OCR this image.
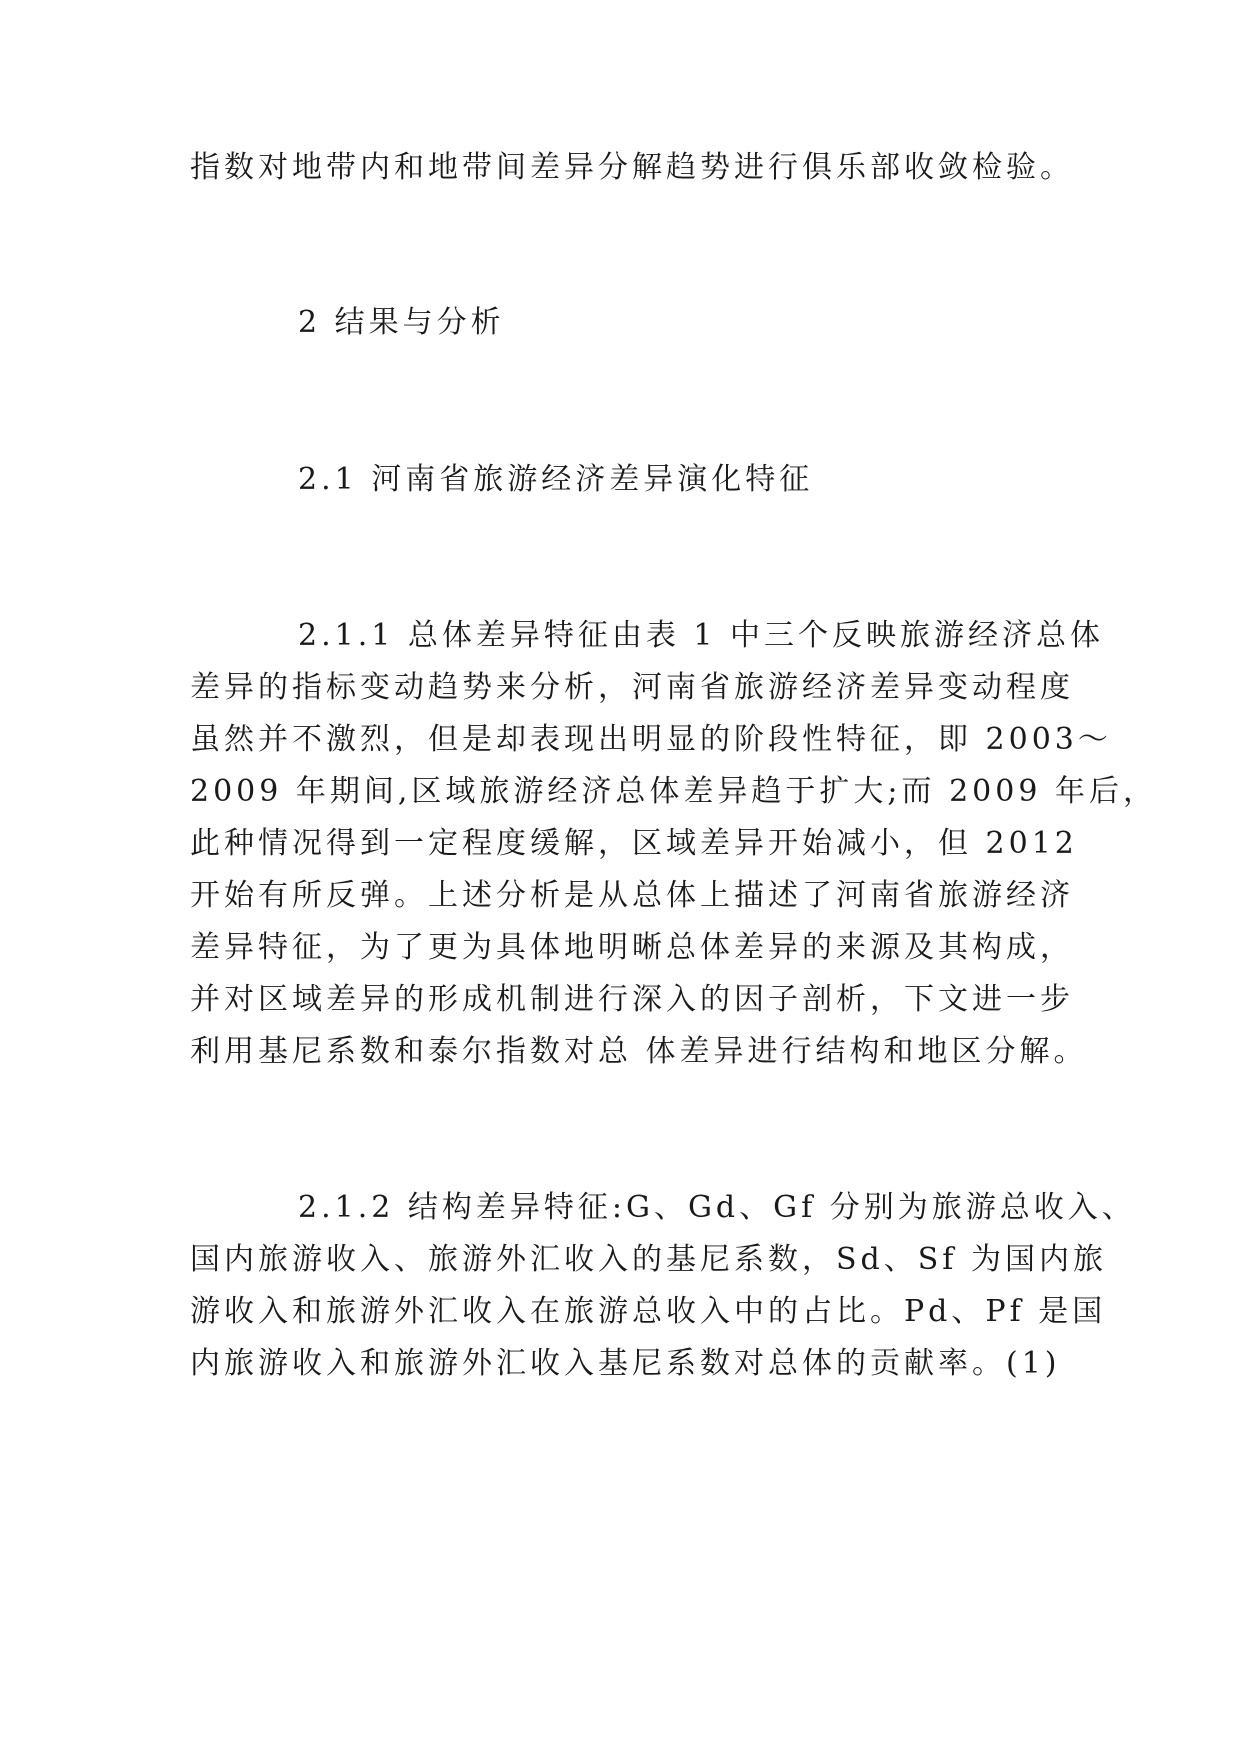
指数对地带内和地带间差异分解趋势进行俱乐部收敛检验。
2 结果与分析
2.1 河南省旅游经济差异演化特征
2.1.1 总体差异特征由表 1 中三个反映旅游经济总体
差异的指标变动趋势来分析，河南省旅游经济差异变动程度
虽然并不激烈，但是却表现出明显的阶段性特征，即 2003～
2009 年期间,区域旅游经济总体差异趋于扩大;而 2009 年后，
此种情况得到一定程度缓解，区域差异开始减小，但 2012
开始有所反弹。上述分析是从总体上描述了河南省旅游经济
差异特征，为了更为具体地明晰总体差异的来源及其构成，
并对区域差异的形成机制进行深入的因子剖析，下文进一步
利用基尼系数和泰尔指数对总 体差异进行结构和地区分解。
2.1.2 结构差异特征:G、Gd、Gf 分别为旅游总收入、
国内旅游收入、旅游外汇收入的基尼系数，Sd、Sf 为国内旅
游收入和旅游外汇收入在旅游总收入中的占比。Pd、Pf 是国
内旅游收入和旅游外汇收入基尼系数对总体的贡献率。(1)
